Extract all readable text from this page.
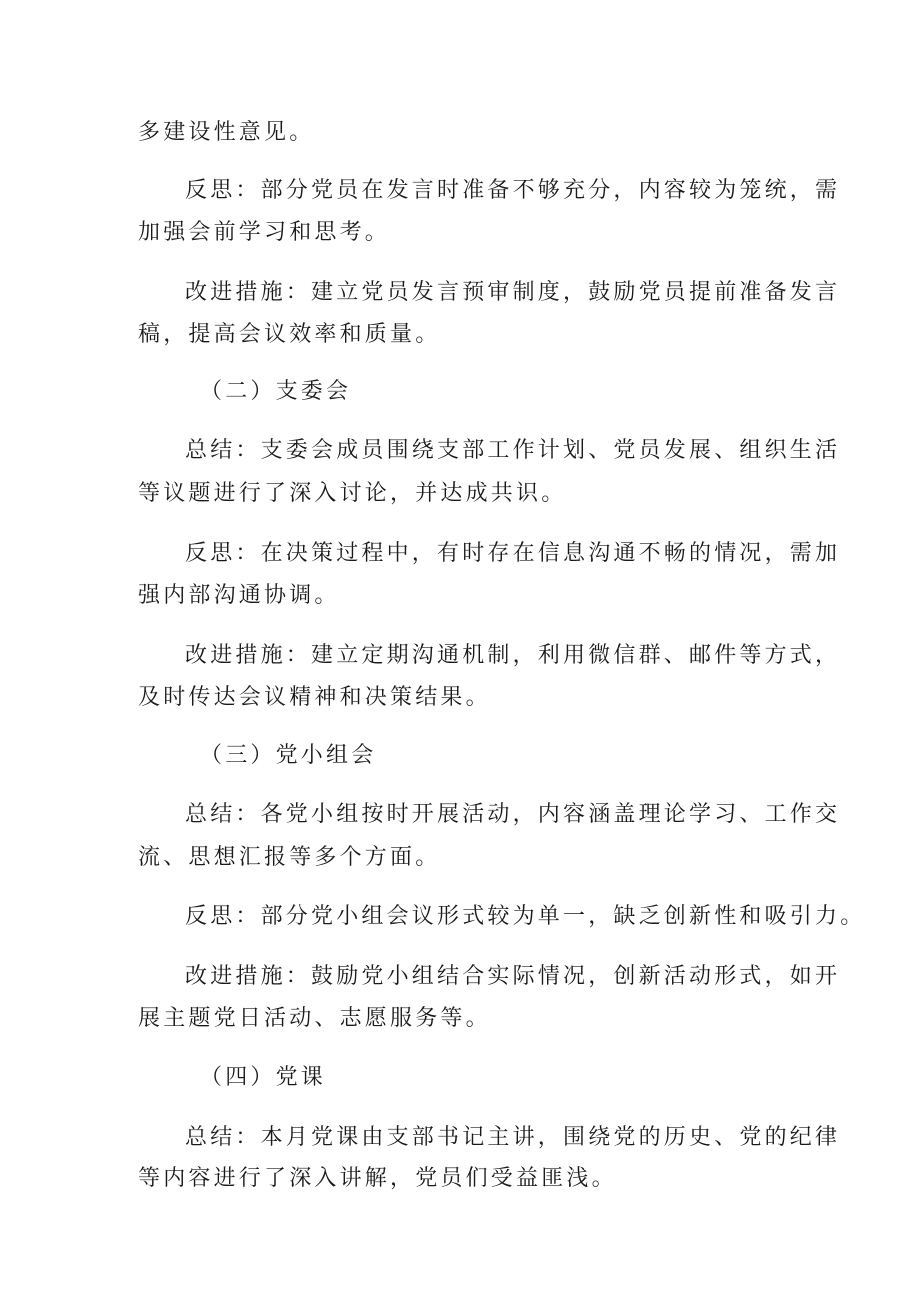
多建设性意见。
反思：部分党员在发言时准备不够充分，内容较为笼统，需
加强会前学习和思考。
改进措施：建立党员发言预审制度，鼓励党员提前准备发言
稿，提高会议效率和质量。
（二）支委会
总结：支委会成员围绕支部工作计划、党员发展、组织生活
等议题进行了深入讨论，并达成共识。
反思：在决策过程中，有时存在信息沟通不畅的情况，需加
强内部沟通协调。
改进措施：建立定期沟通机制，利用微信群、邮件等方式，
及时传达会议精神和决策结果。
（三）党小组会
总结：各党小组按时开展活动，内容涵盖理论学习、工作交
流、思想汇报等多个方面。
反思：部分党小组会议形式较为单一，缺乏创新性和吸引力。
改进措施：鼓励党小组结合实际情况，创新活动形式，如开
展主题党日活动、志愿服务等。
（四）党课
总结：本月党课由支部书记主讲，围绕党的历史、党的纪律
等内容进行了深入讲解，党员们受益匪浅。
